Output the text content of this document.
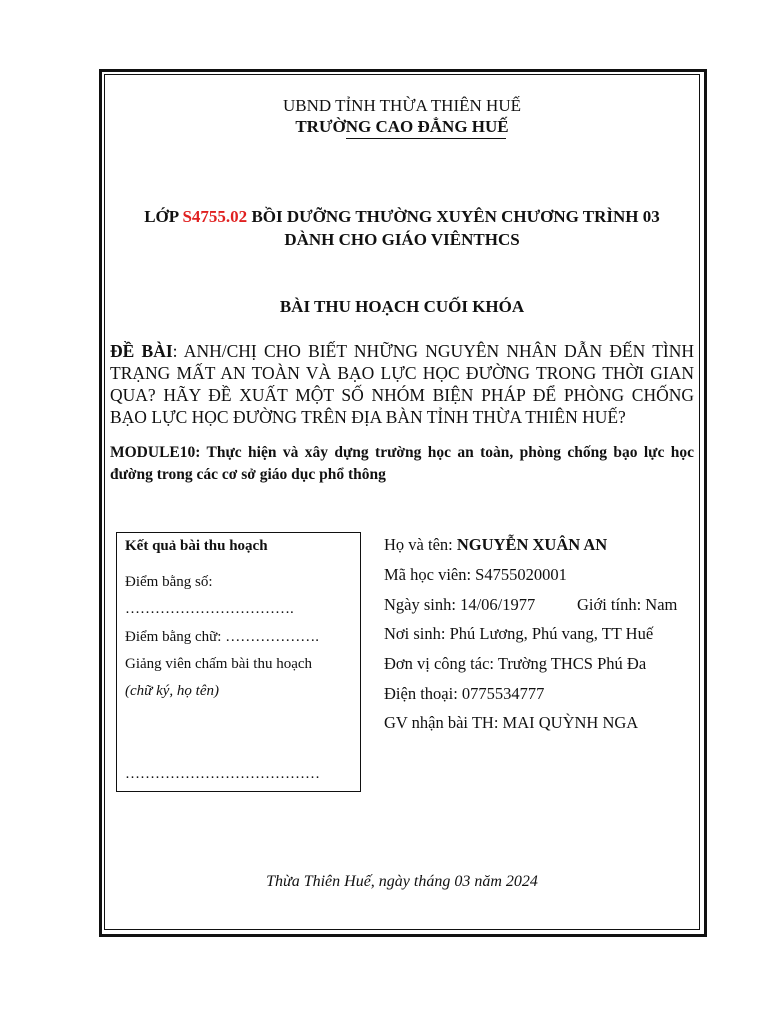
UBND TỈNH THỪA THIÊN HUẾ
TRƯỜNG CAO ĐẲNG HUẾ
LỚP S4755.02 BỒI DƯỠNG THƯỜNG XUYÊN CHƯƠNG TRÌNH 03
DÀNH CHO GIÁO VIÊNTHCS
BÀI THU HOẠCH CUỐI KHÓA
ĐỀ BÀI: ANH/CHỊ CHO BIẾT NHỮNG NGUYÊN NHÂN DẪN ĐẾN TÌNH TRẠNG MẤT AN TOÀN VÀ BẠO LỰC HỌC ĐƯỜNG TRONG THỜI GIAN QUA? HÃY ĐỀ XUẤT MỘT SỐ NHÓM BIỆN PHÁP ĐỂ PHÒNG CHỐNG BẠO LỰC HỌC ĐƯỜNG TRÊN ĐỊA BÀN TỈNH THỪA THIÊN HUẾ?
MODULE10: Thực hiện và xây dựng trường học an toàn, phòng chống bạo lực học đường trong các cơ sở giáo dục phổ thông
Kết quả bài thu hoạch
Điểm bằng số:
…………………………….
Điểm bằng chữ: ……………….
Giảng viên chấm bài thu hoạch
(chữ ký, họ tên)
…………………………………
Họ và tên: NGUYỄN XUÂN AN
Mã học viên: S4755020001
Ngày sinh: 14/06/1977	Giới tính: Nam
Nơi sinh: Phú Lương, Phú vang, TT Huế
Đơn vị công tác: Trường THCS Phú Đa
Điện thoại: 0775534777
GV nhận bài TH: MAI QUỲNH NGA
Thừa Thiên Huế, ngày tháng 03 năm 2024
